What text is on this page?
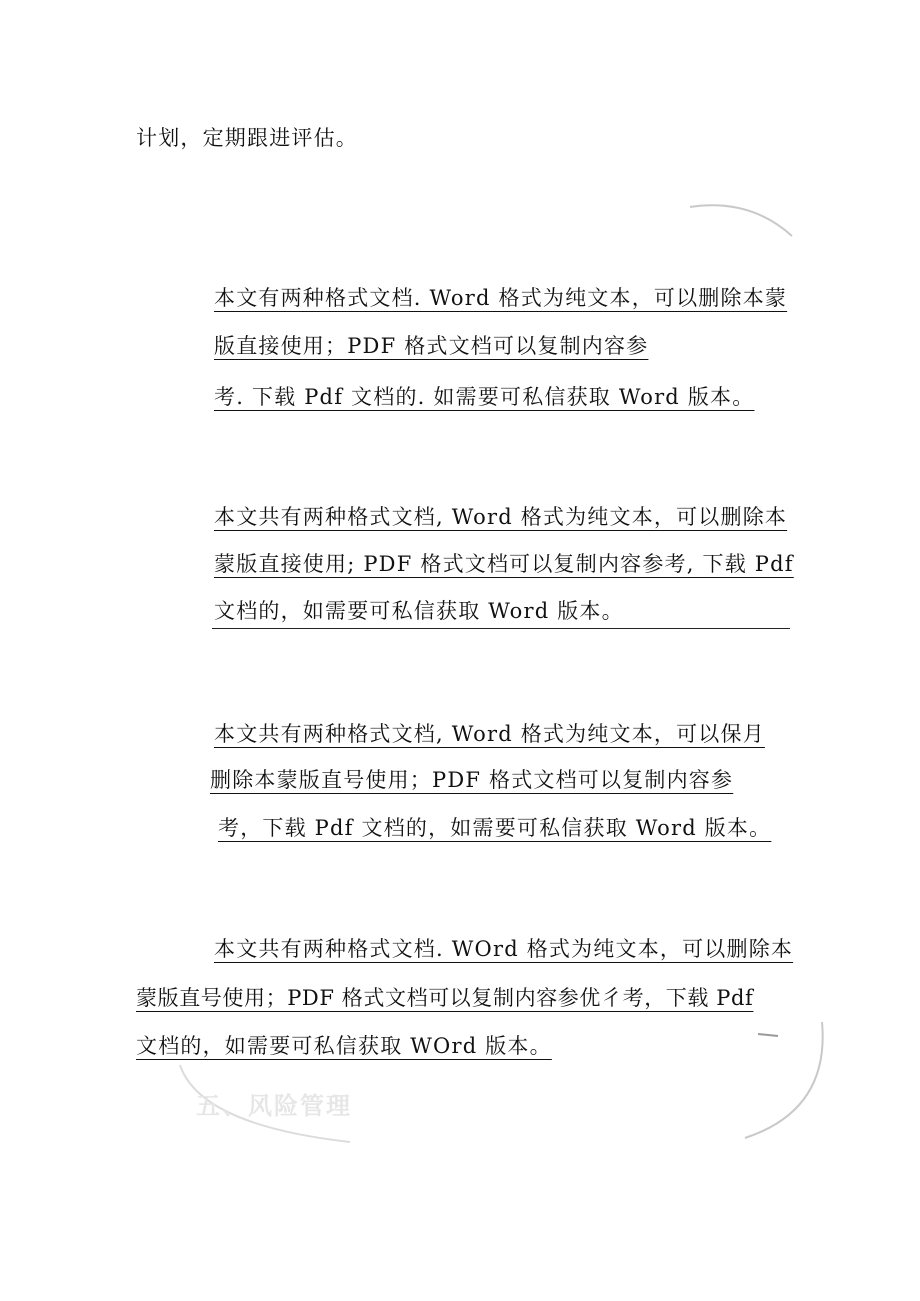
计划，定期跟进评估。
本文有两种格式文档. Word 格式为纯文本，可以删除本蒙
版直接使用；PDF 格式文档可以复制内容参
考. 下载 Pdf 文档的. 如需要可私信获取 Word 版本。
本文共有两种格式文档, Word 格式为纯文本，可以删除本
蒙版直接使用; PDF 格式文档可以复制内容参考, 下载 Pdf
文档的，如需要可私信获取 Word 版本。
本文共有两种格式文档, Word 格式为纯文本，可以保月
删除本蒙版直号使用；PDF 格式文档可以复制内容参
考，下载 Pdf 文档的，如需要可私信获取 Word 版本。
本文共有两种格式文档. WOrd 格式为纯文本，可以删除本
蒙版直号使用；PDF 格式文档可以复制内容参优彳考，下载 Pdf
文档的，如需要可私信获取 WOrd 版本。
五、风险管理
